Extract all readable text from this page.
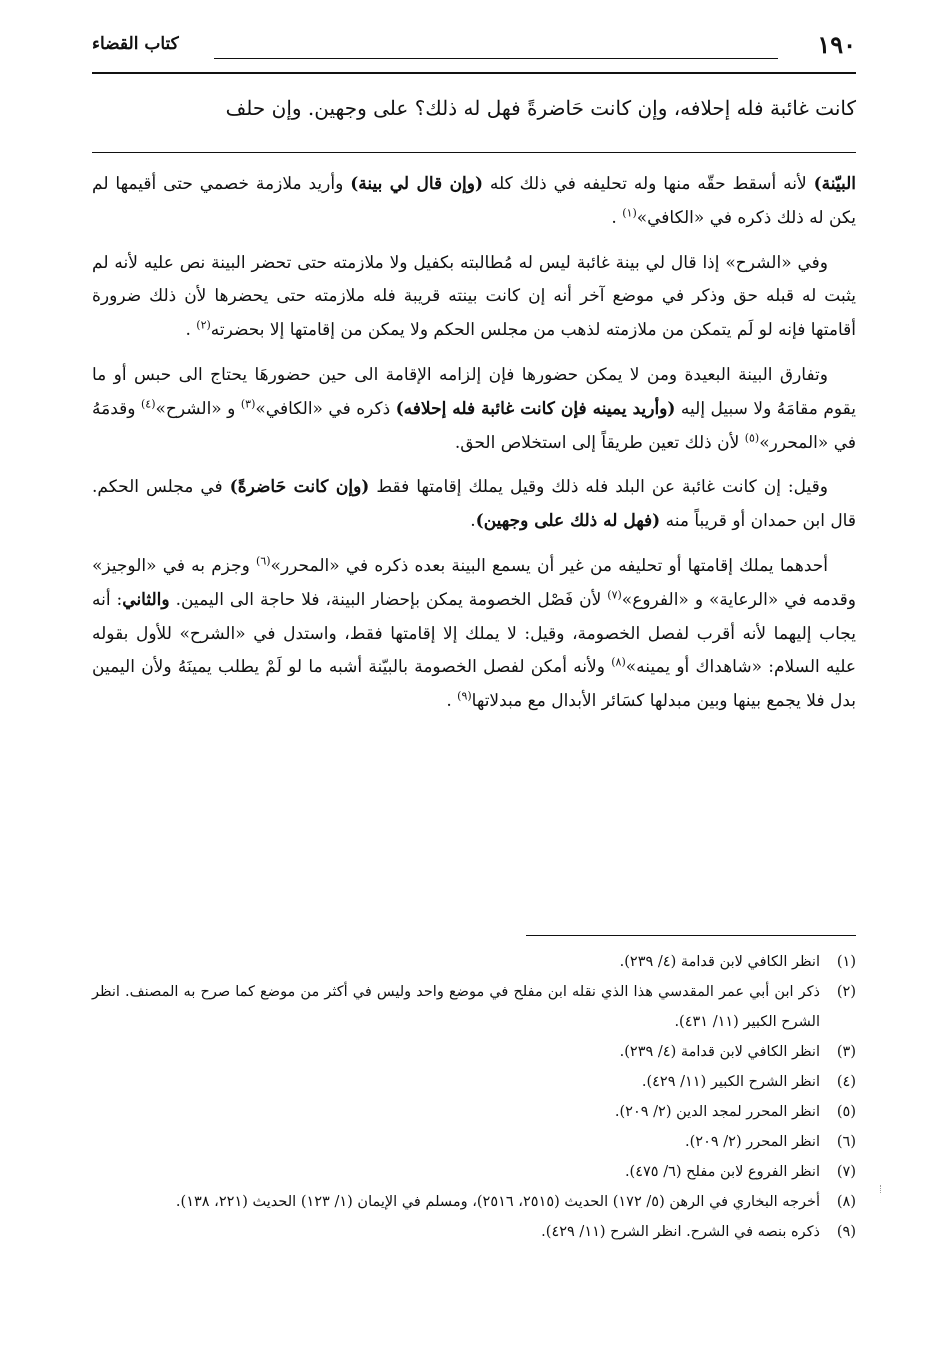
١٩٠
كتاب القضاء
كانت غائبة فله إحلافه، وإن كانت حَاضرةً فهل له ذلك؟ على وجهين. وإن حلف

البيّنة) لأنه أسقط حقّه منها وله تحليفه في ذلك كله (وإن قال لي بينة) وأريد ملازمة خصمي حتى أقيمها لم يكن له ذلك ذكره في «الكافي»$^{(١)}$ .

وفي «الشرح» إذا قال لي بينة غائبة ليس له مُطالبته بكفيل ولا ملازمته حتى تحضر البينة نص عليه لأنه لم يثبت له قبله حق وذكر في موضع آخر أنه إن كانت بينته قريبة فله ملازمته حتى يحضرها لأن ذلك ضرورة أقامتها فإنه لو لَم يتمكن من ملازمته لذهب من مجلس الحكم ولا يمكن من إقامتها إلا بحضرته$^{(٢)}$ .

وتفارق البينة البعيدة ومن لا يمكن حضورها فإن إلزامه الإقامة الى حين حضورهَا يحتاج الى حبس أو ما يقوم مقامَهُ ولا سبيل إليه (وأريد يمينه فإن كانت غائبة فله إحلافه) ذكره في «الكافي»$^{(٣)}$ و «الشرح»$^{(٤)}$ وقدمَهُ في «المحرر»$^{(٥)}$ لأن ذلك تعين طريقاً إلى استخلاص الحق.

وقيل: إن كانت غائبة عن البلد فله ذلك وقيل يملك إقامتها فقط (وإن كانت حَاضرةً) في مجلس الحكم. قال ابن حمدان أو قريباً منه (فهل له ذلك على وجهين).

أحدهما يملك إقامتها أو تحليفه من غير أن يسمع البينة بعده ذكره في «المحرر»$^{(٦)}$ وجزم به في «الوجيز» وقدمه في «الرعاية» و «الفروع»$^{(٧)}$ لأن فَصْل الخصومة يمكن بإحضار البينة، فلا حاجة الى اليمين. والثاني: أنه يجاب إليهما لأنه أقرب لفصل الخصومة، وقيل: لا يملك إلا إقامتها فقط، واستدل في «الشرح» للأول بقوله عليه السلام: «شاهداك أو يمينه»$^{(٨)}$ ولأنه أمكن لفصل الخصومة بالبيّنة أشبه ما لو لَمْ يطلب يمينَهُ ولأن اليمين بدل فلا يجمع بينها وبين مبدلها كسَائر الأبدال مع مبدلاتها$^{(٩)}$ .

(١)
انظر الكافي لابن قدامة (٤/ ٢٣٩).
(٢)
ذكر ابن أبي عمر المقدسي هذا الذي نقله ابن مفلح في موضع واحد وليس في أكثر من موضع كما صرح به المصنف. انظر الشرح الكبير (١١/ ٤٣١).
(٣)
انظر الكافي لابن قدامة (٤/ ٢٣٩).
(٤)
انظر الشرح الكبير (١١/ ٤٢٩).
(٥)
انظر المحرر لمجد الدين (٢/ ٢٠٩).
(٦)
انظر المحرر (٢/ ٢٠٩).
(٧)
انظر الفروع لابن مفلح (٦/ ٤٧٥).
(٨)
أخرجه البخاري في الرهن (٥/ ١٧٢) الحديث (٢٥١٥، ٢٥١٦)، ومسلم في الإيمان (١/ ١٢٣) الحديث (٢٢١، ١٣٨).
(٩)
ذكره بنصه في الشرح. انظر الشرح (١١/ ٤٢٩).
